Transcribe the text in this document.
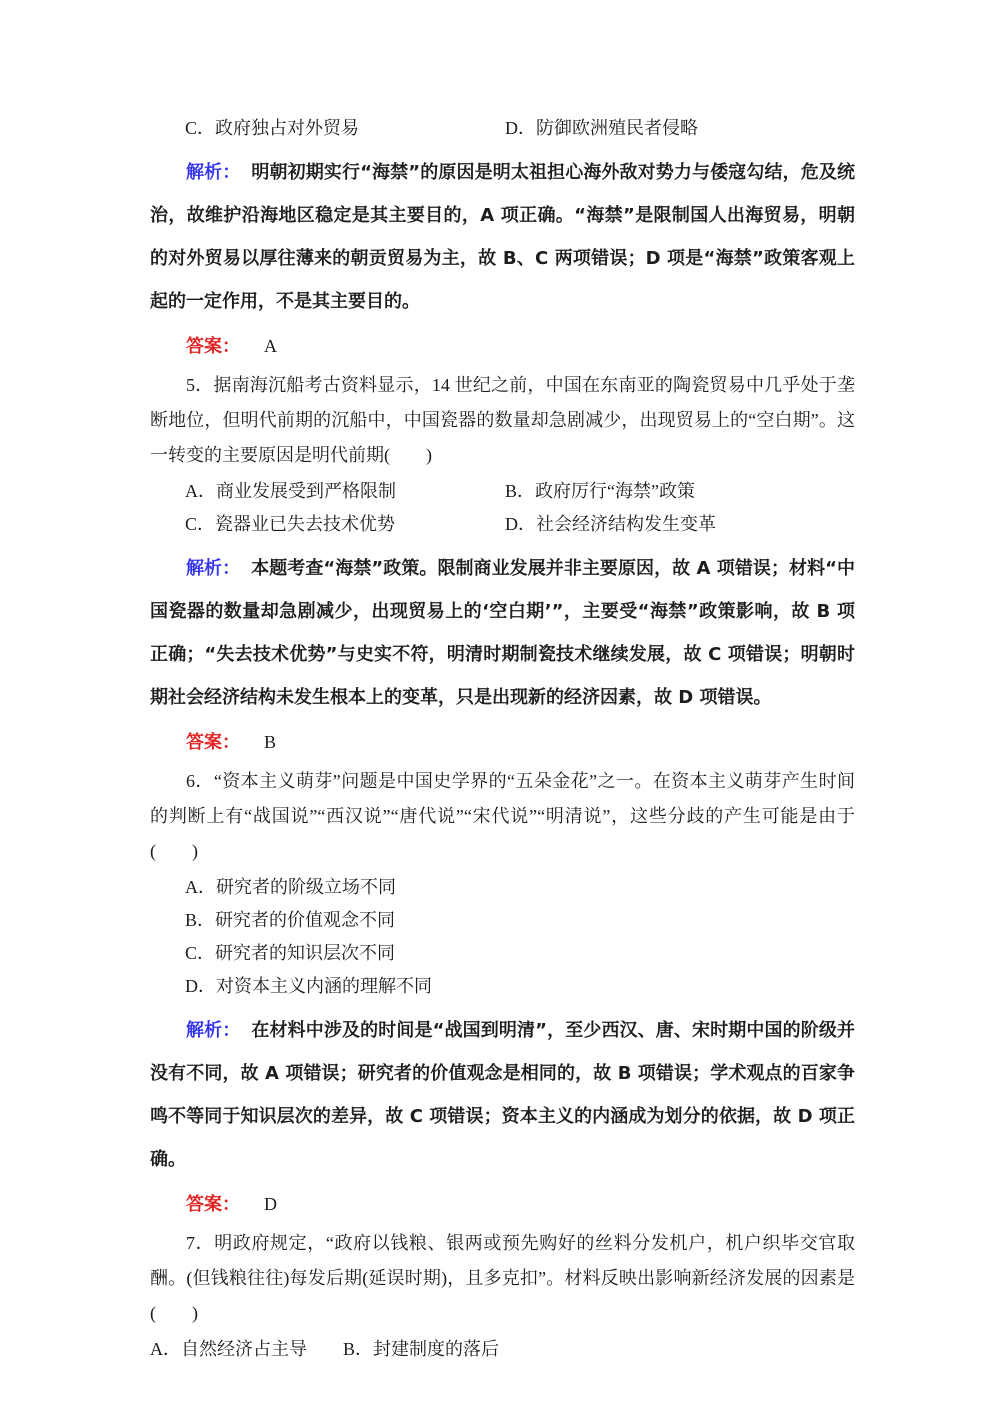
C．政府独占对外贸易	D．防御欧洲殖民者侵略

解析： 明朝初期实行“海禁”的原因是明太祖担心海外敌对势力与倭寇勾结，危及统治，故维护沿海地区稳定是其主要目的，A 项正确。“海禁”是限制国人出海贸易，明朝的对外贸易以厚往薄来的朝贡贸易为主，故 B、C 两项错误；D 项是“海禁”政策客观上起的一定作用，不是其主要目的。

答案： A

5．据南海沉船考古资料显示，14 世纪之前，中国在东南亚的陶瓷贸易中几乎处于垄断地位，但明代前期的沉船中，中国瓷器的数量却急剧减少，出现贸易上的“空白期”。这一转变的主要原因是明代前期(　　)

A．商业发展受到严格限制	B．政府厉行“海禁”政策
C．瓷器业已失去技术优势	D．社会经济结构发生变革

解析： 本题考查“海禁”政策。限制商业发展并非主要原因，故 A 项错误；材料“中国瓷器的数量却急剧减少，出现贸易上的‘空白期’”，主要受“海禁”政策影响，故 B 项正确；“失去技术优势”与史实不符，明清时期制瓷技术继续发展，故 C 项错误；明朝时期社会经济结构未发生根本上的变革，只是出现新的经济因素，故 D 项错误。

答案： B

6．“资本主义萌芽”问题是中国史学界的“五朵金花”之一。在资本主义萌芽产生时间的判断上有“战国说”“西汉说”“唐代说”“宋代说”“明清说”，这些分歧的产生可能是由于(　　)

A．研究者的阶级立场不同

B．研究者的价值观念不同

C．研究者的知识层次不同

D．对资本主义内涵的理解不同

解析： 在材料中涉及的时间是“战国到明清”，至少西汉、唐、宋时期中国的阶级并没有不同，故 A 项错误；研究者的价值观念是相同的，故 B 项错误；学术观点的百家争鸣不等同于知识层次的差异，故 C 项错误；资本主义的内涵成为划分的依据，故 D 项正确。

答案： D

7．明政府规定，“政府以钱粮、银两或预先购好的丝料分发机户，机户织毕交官取酬。(但钱粮往往)每发后期(延误时期)，且多克扣”。材料反映出影响新经济发展的因素是(　　)

A．自然经济占主导　　B．封建制度的落后
